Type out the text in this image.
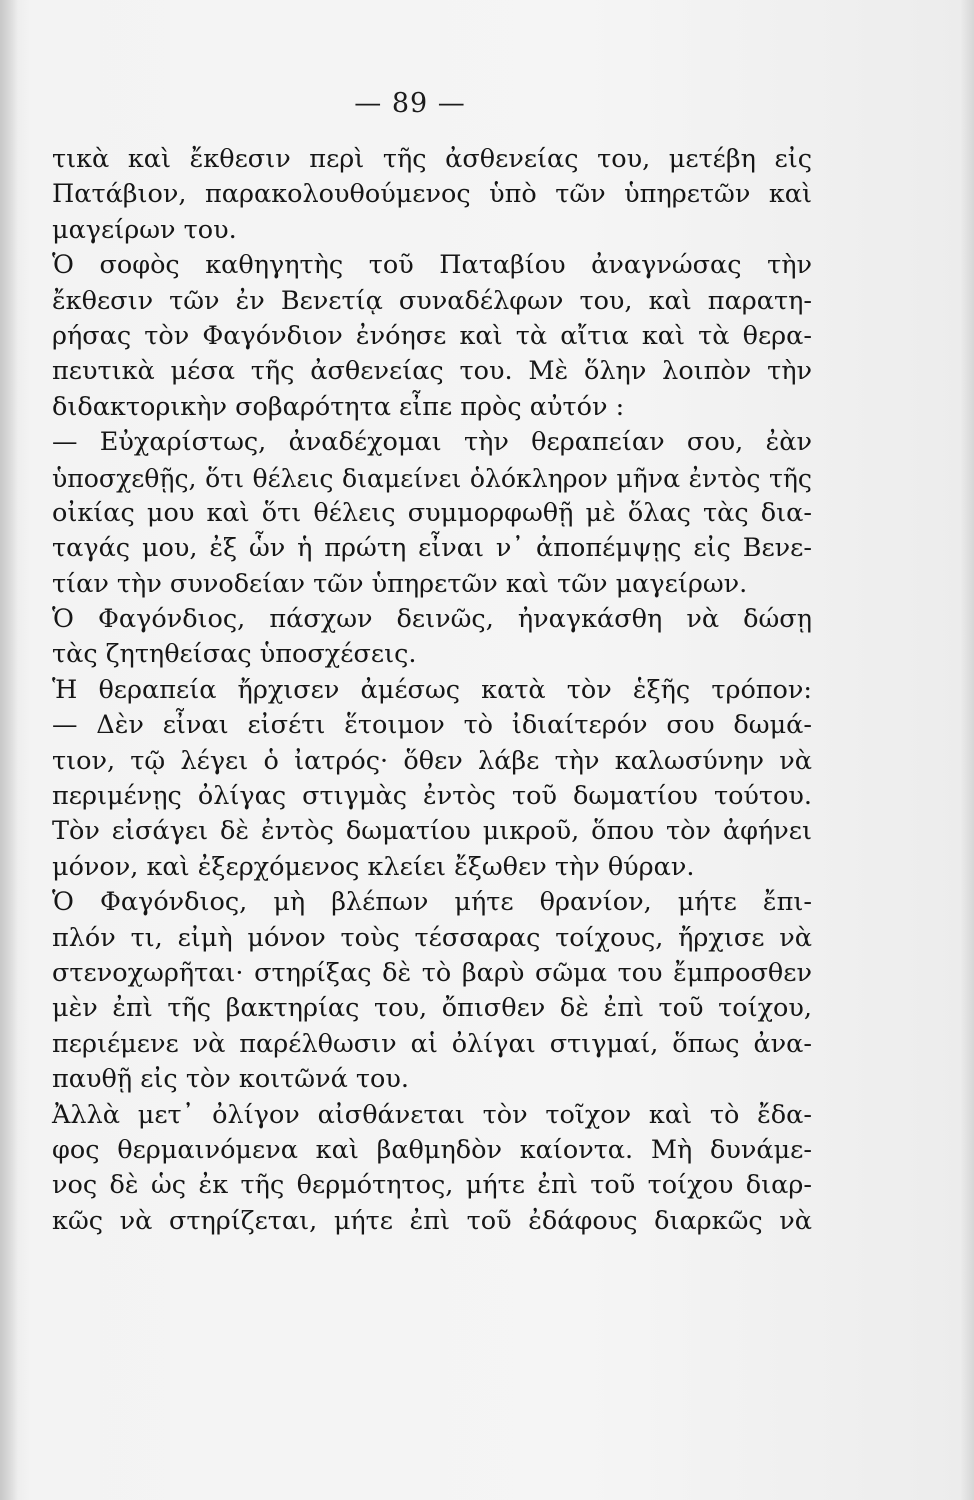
— 89 —
τικὰ καὶ ἔκθεσιν περὶ τῆς ἀσθενείας του, μετέβη εἰς
Πατάβιον, παρακολουθούμενος ὑπὸ τῶν ὑπηρετῶν καὶ
μαγείρων του.
Ὁ σοφὸς καθηγητὴς τοῦ Παταβίου ἀναγνώσας τὴν
ἔκθεσιν τῶν ἐν Βενετίᾳ συναδέλφων του, καὶ παρατη-
ρήσας τὸν Φαγόνδιον ἐνόησε καὶ τὰ αἴτια καὶ τὰ θερα-
πευτικὰ μέσα τῆς ἀσθενείας του. Μὲ ὅλην λοιπὸν τὴν
διδακτορικὴν σοβαρότητα εἶπε πρὸς αὐτόν :
— Εὐχαρίστως, ἀναδέχομαι τὴν θεραπείαν σου, ἐὰν
ὑποσχεθῇς, ὅτι θέλεις διαμείνει ὁλόκληρον μῆνα ἐντὸς τῆς
οἰκίας μου καὶ ὅτι θέλεις συμμορφωθῇ μὲ ὅλας τὰς δια-
ταγάς μου, ἐξ ὧν ἡ πρώτη εἶναι ν᾽ ἀποπέμψῃς εἰς Βενε-
τίαν τὴν συνοδείαν τῶν ὑπηρετῶν καὶ τῶν μαγείρων.
Ὁ Φαγόνδιος, πάσχων δεινῶς, ἠναγκάσθη νὰ δώσῃ
τὰς ζητηθείσας ὑποσχέσεις.
Ἡ θεραπεία ἤρχισεν ἀμέσως κατὰ τὸν ἑξῆς τρόπον:
— Δὲν εἶναι εἰσέτι ἕτοιμον τὸ ἰδιαίτερόν σου δωμά-
τιον, τῷ λέγει ὁ ἰατρός· ὅθεν λάβε τὴν καλωσύνην νὰ
περιμένῃς ὀλίγας στιγμὰς ἐντὸς τοῦ δωματίου τούτου.
Τὸν εἰσάγει δὲ ἐντὸς δωματίου μικροῦ, ὅπου τὸν ἀφήνει
μόνον, καὶ ἐξερχόμενος κλείει ἔξωθεν τὴν θύραν.
Ὁ Φαγόνδιος, μὴ βλέπων μήτε θρανίον, μήτε ἔπι-
πλόν τι, εἰμὴ μόνον τοὺς τέσσαρας τοίχους, ἤρχισε νὰ
στενοχωρῆται· στηρίξας δὲ τὸ βαρὺ σῶμα του ἔμπροσθεν
μὲν ἐπὶ τῆς βακτηρίας του, ὄπισθεν δὲ ἐπὶ τοῦ τοίχου,
περιέμενε νὰ παρέλθωσιν αἱ ὀλίγαι στιγμαί, ὅπως ἀνα-
παυθῇ εἰς τὸν κοιτῶνά του.
Ἀλλὰ μετ᾽ ὀλίγον αἰσθάνεται τὸν τοῖχον καὶ τὸ ἔδα-
φος θερμαινόμενα καὶ βαθμηδὸν καίοντα. Μὴ δυνάμε-
νος δὲ ὡς ἐκ τῆς θερμότητος, μήτε ἐπὶ τοῦ τοίχου διαρ-
κῶς νὰ στηρίζεται, μήτε ἐπὶ τοῦ ἐδάφους διαρκῶς νὰ
